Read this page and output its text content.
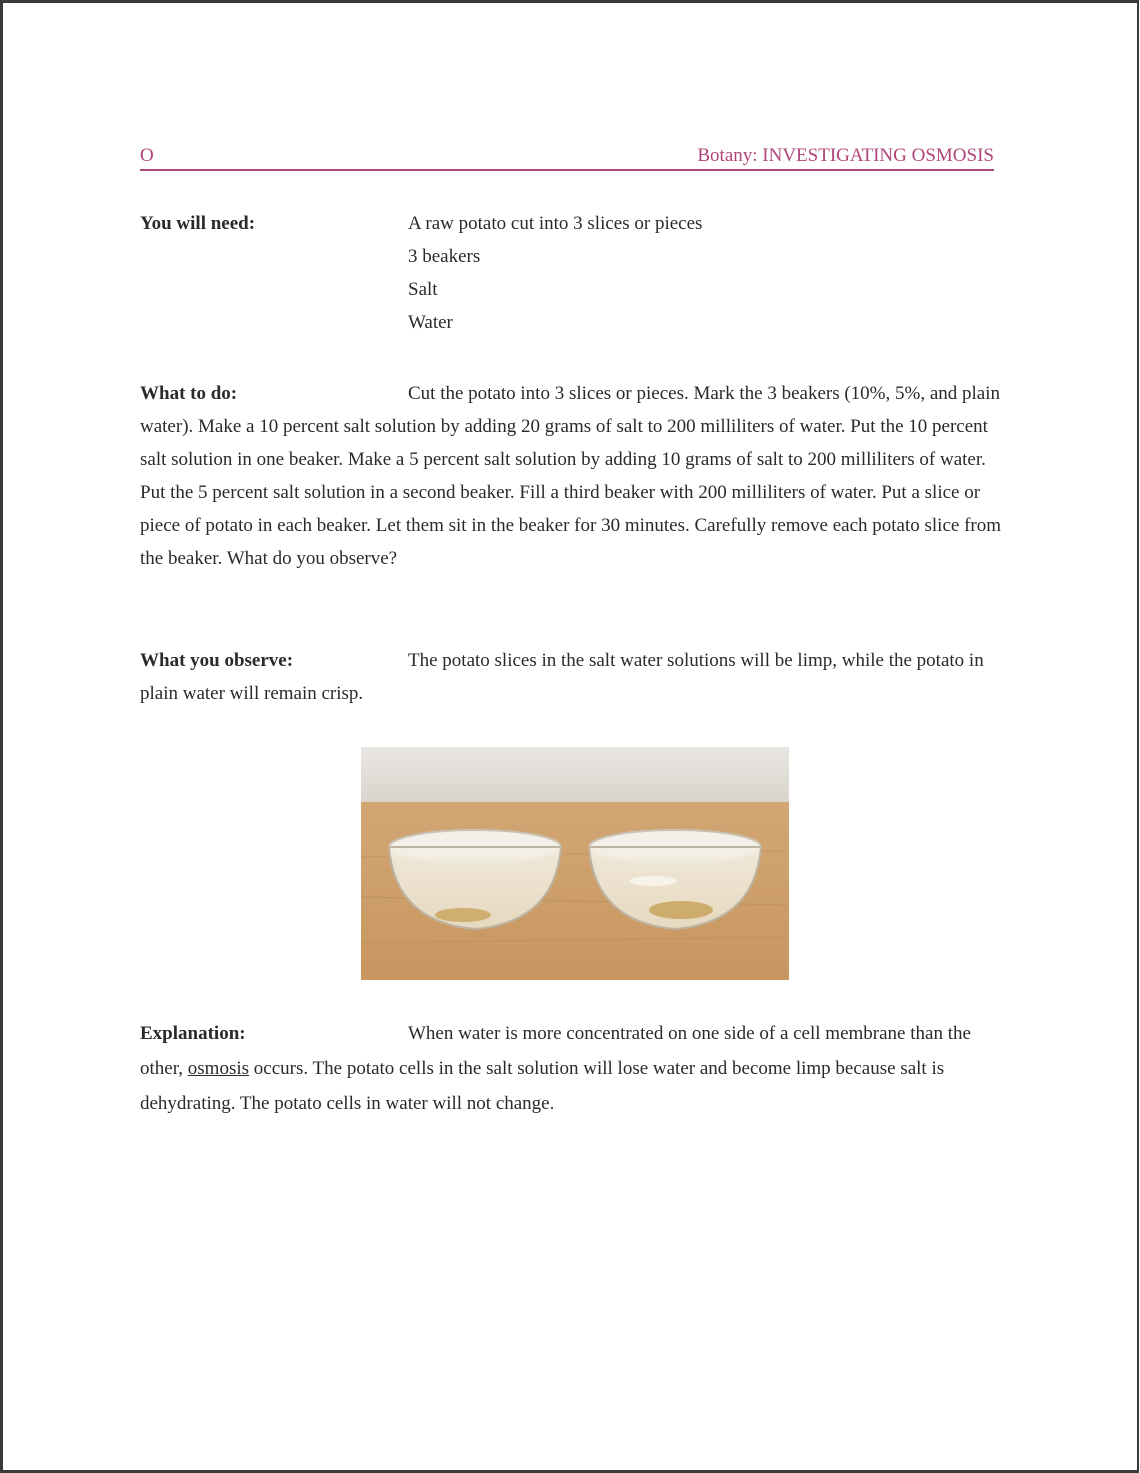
O	Botany: INVESTIGATING OSMOSIS
You will need:	A raw potato cut into 3 slices or pieces
3 beakers
Salt
Water

What to do:	Cut the potato into 3 slices or pieces. Mark the 3 beakers (10%, 5%, and plain water). Make a 10 percent salt solution by adding 20 grams of salt to 200 milliliters of water. Put the 10 percent salt solution in one beaker. Make a 5 percent salt solution by adding 10 grams of salt to 200 milliliters of water. Put the 5 percent salt solution in a second beaker. Fill a third beaker with 200 milliliters of water. Put a slice or piece of potato in each beaker. Let them sit in the beaker for 30 minutes. Carefully remove each potato slice from the beaker. What do you observe?

What you observe:	The potato slices in the salt water solutions will be limp, while the potato in plain water will remain crisp.

Explanation:	When water is more concentrated on one side of a cell membrane than the other, osmosis occurs. The potato cells in the salt solution will lose water and become limp because salt is dehydrating. The potato cells in water will not change.
